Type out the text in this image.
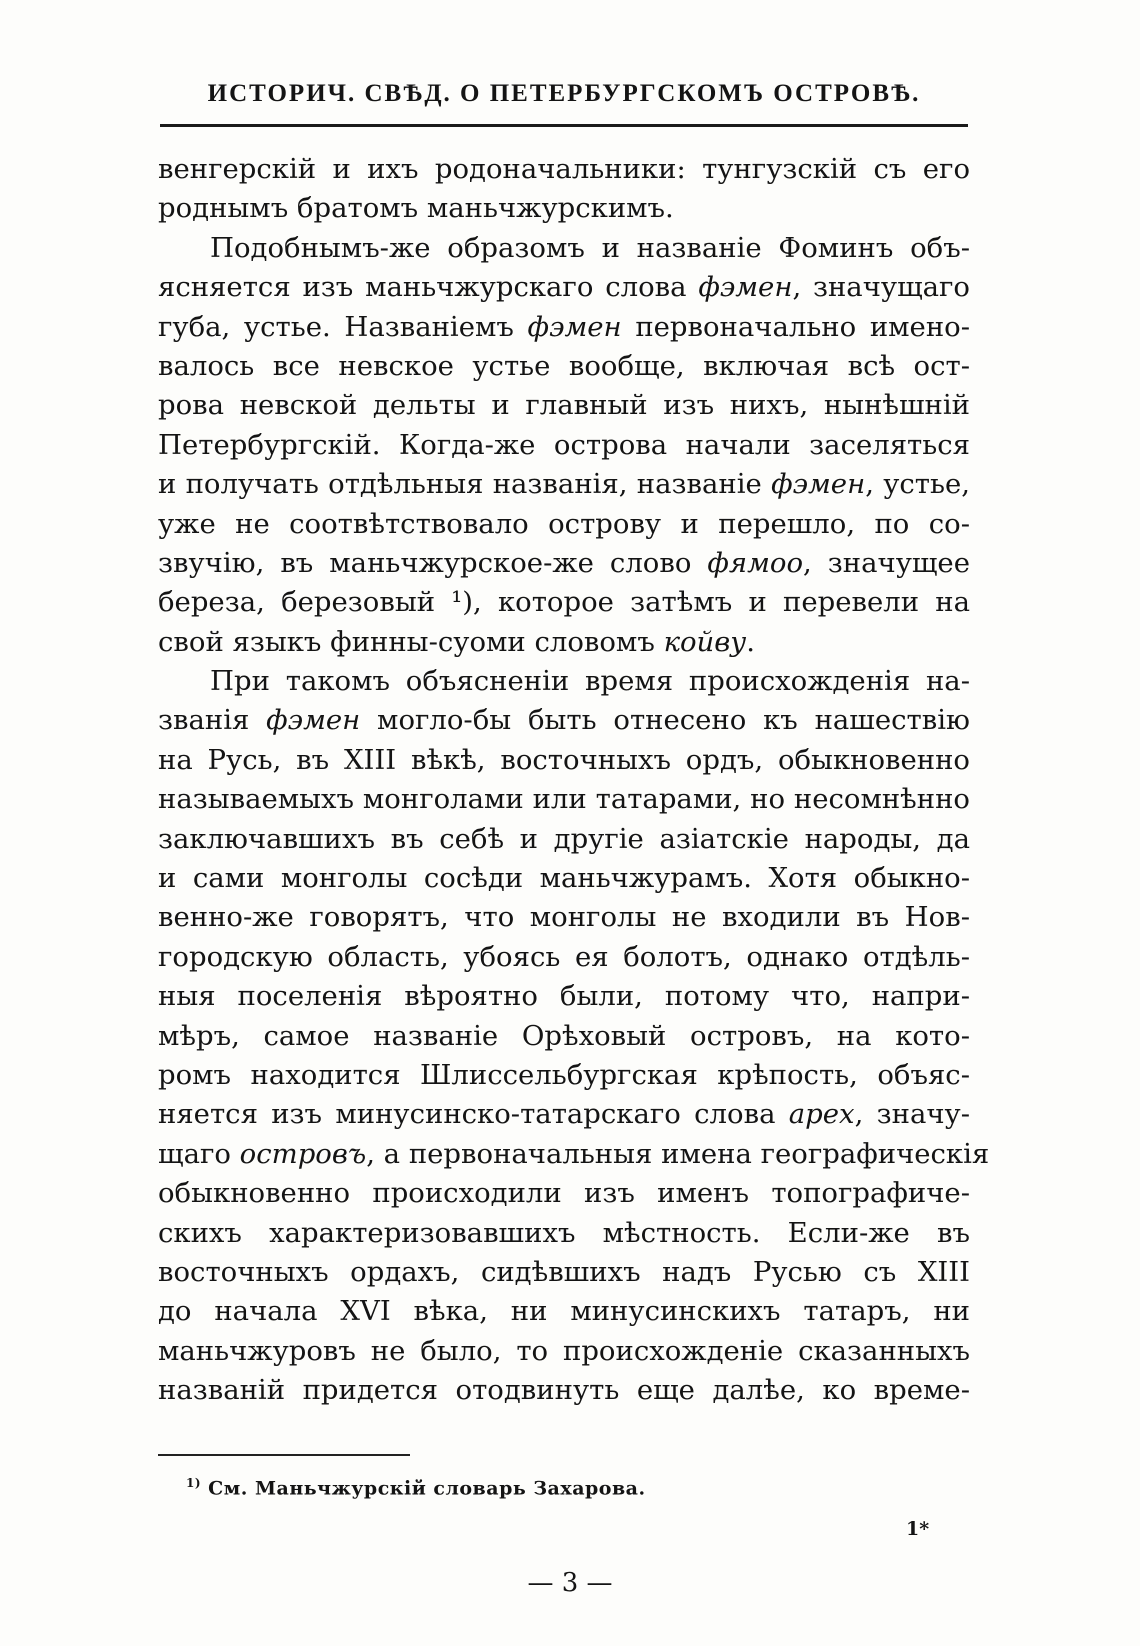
ИСТОРИЧ. СВѢД. О ПЕТЕРБУРГСКОМЪ ОСТРОВѢ.
венгерскій и ихъ родоначальники: тунгузскій съ его
роднымъ братомъ маньчжурскимъ.
Подобнымъ-же образомъ и названіе Фоминъ объ-
ясняется изъ маньчжурскаго слова фэмен, значущаго
губа, устье. Названіемъ фэмен первоначально имено-
валось все невское устье вообще, включая всѣ ост-
рова невской дельты и главный изъ нихъ, нынѣшній
Петербургскій. Когда-же острова начали заселяться
и получать отдѣльныя названія, названіе фэмен, устье,
уже не соотвѣтствовало острову и перешло, по со-
звучію, въ маньчжурское-же слово фямоо, значущее
береза, березовый ¹), которое затѣмъ и перевели на
свой языкъ финны-суоми словомъ койву.
При такомъ объясненіи время происхожденія на-
званія фэмен могло-бы быть отнесено къ нашествію
на Русь, въ XIII вѣкѣ, восточныхъ ордъ, обыкновенно
называемыхъ монголами или татарами, но несомнѣнно
заключавшихъ въ себѣ и другіе азіатскіе народы, да
и сами монголы сосѣди маньчжурамъ. Хотя обыкно-
венно-же говорятъ, что монголы не входили въ Нов-
городскую область, убоясь ея болотъ, однако отдѣль-
ныя поселенія вѣроятно были, потому что, напри-
мѣръ, самое названіе Орѣховый островъ, на кото-
ромъ находится Шлиссельбургская крѣпость, объяс-
няется изъ минусинско-татарскаго слова арех, значу-
щаго островъ, а первоначальныя имена географическія
обыкновенно происходили изъ именъ топографиче-
скихъ характеризовавшихъ мѣстность. Если-же въ
восточныхъ ордахъ, сидѣвшихъ надъ Русью съ XIII
до начала XVI вѣка, ни минусинскихъ татаръ, ни
маньчжуровъ не было, то происхожденіе сказанныхъ
названій придется отодвинуть еще далѣе, ко време-
$^{1)}$ См. Маньчжурскій словарь Захарова.
1*
— 3 —
